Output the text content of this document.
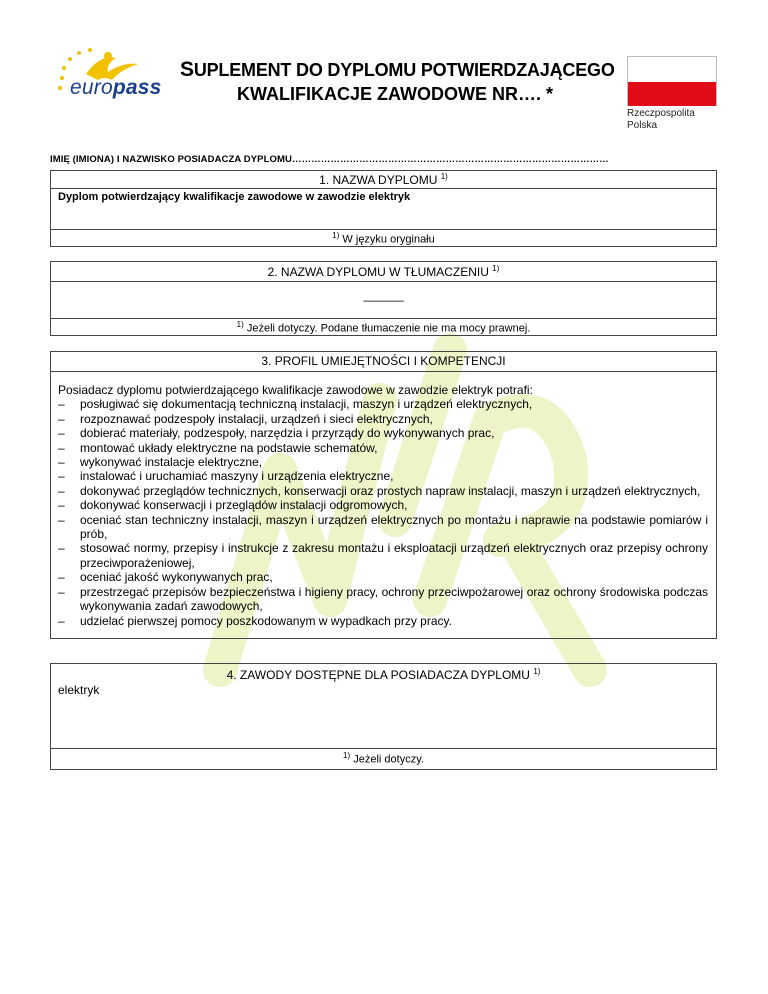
europass
SUPLEMENT DO DYPLOMU POTWIERDZAJĄCEGO
KWALIFIKACJE ZAWODOWE NR…. *
Rzeczpospolita
Polska
IMIĘ (IMIONA) I NAZWISKO POSIADACZA DYPLOMU………………………………………………………………………………………
1. NAZWA DYPLOMU $^{1)}$
Dyplom potwierdzający kwalifikacje zawodowe w zawodzie elektryk
$^{1)}$ W języku oryginału
2. NAZWA DYPLOMU W TŁUMACZENIU $^{1)}$
______
$^{1)}$ Jeżeli dotyczy. Podane tłumaczenie nie ma mocy prawnej.
3. PROFIL UMIEJĘTNOŚCI I KOMPETENCJI
Posiadacz dyplomu potwierdzającego kwalifikacje zawodowe w zawodzie elektryk potrafi:
–	posługiwać się dokumentacją techniczną instalacji, maszyn i urządzeń elektrycznych,
–	rozpoznawać podzespoły instalacji, urządzeń i sieci elektrycznych,
–	dobierać materiały, podzespoły, narzędzia i przyrządy do wykonywanych prac,
–	montować układy elektryczne na podstawie schematów,
–	wykonywać instalacje elektryczne,
–	instalować i uruchamiać maszyny i urządzenia elektryczne,
–	dokonywać przeglądów technicznych, konserwacji oraz prostych napraw instalacji, maszyn i urządzeń elektrycznych,
–	dokonywać konserwacji i przeglądów instalacji odgromowych,
–	oceniać stan techniczny instalacji, maszyn i urządzeń elektrycznych po montażu i naprawie na podstawie pomiarów i prób,
–	stosować normy, przepisy i instrukcje z zakresu montażu i eksploatacji urządzeń elektrycznych oraz przepisy ochrony przeciwporażeniowej,
–	oceniać jakość wykonywanych prac,
–	przestrzegać przepisów bezpieczeństwa i higieny pracy, ochrony przeciwpożarowej oraz ochrony środowiska podczas wykonywania zadań zawodowych,
–	udzielać pierwszej pomocy poszkodowanym w wypadkach przy pracy.
4. ZAWODY DOSTĘPNE DLA POSIADACZA DYPLOMU $^{1)}$
elektryk
$^{1)}$ Jeżeli dotyczy.
